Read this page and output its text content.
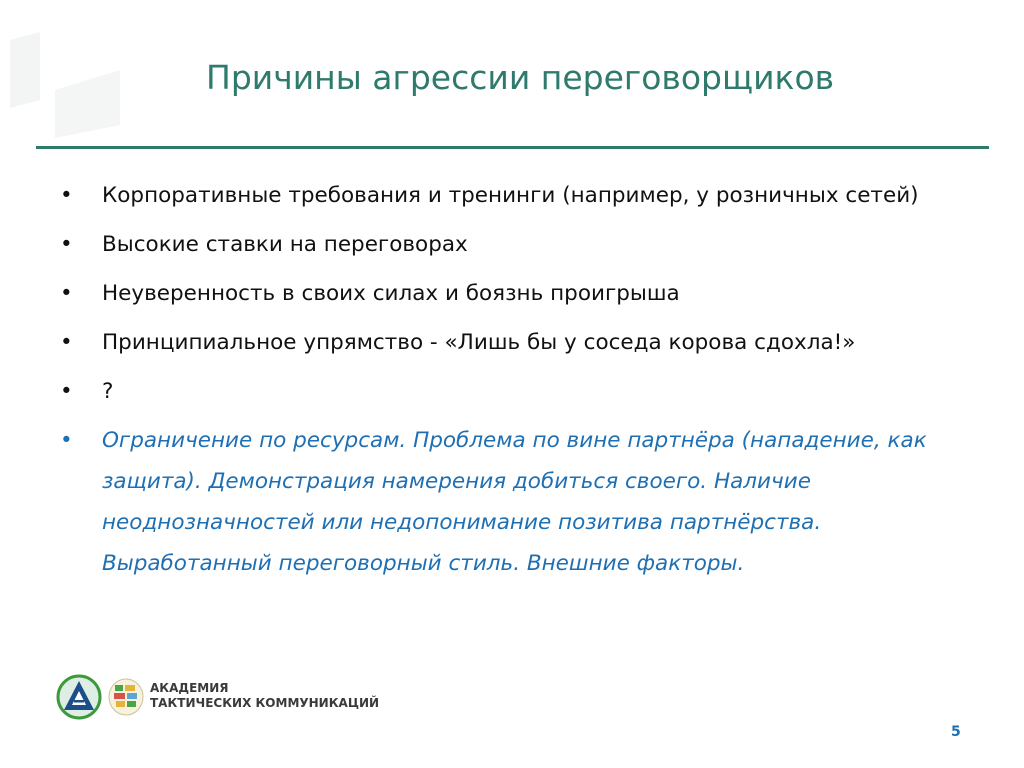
Причины агрессии переговорщиков
• Корпоративные требования и тренинги (например, у розничных сетей)
• Высокие ставки на переговорах
• Неуверенность в своих силах и боязнь проигрыша
• Принципиальное упрямство - «Лишь бы у соседа корова сдохла!»
• ?
• Ограничение по ресурсам. Проблема по вине партнёра (нападение, как защита). Демонстрация намерения добиться своего. Наличие неоднозначностей или недопонимание позитива партнёрства. Выработанный переговорный стиль. Внешние факторы.
АКАДЕМИЯ
ТАКТИЧЕСКИХ КОММУНИКАЦИЙ
5
